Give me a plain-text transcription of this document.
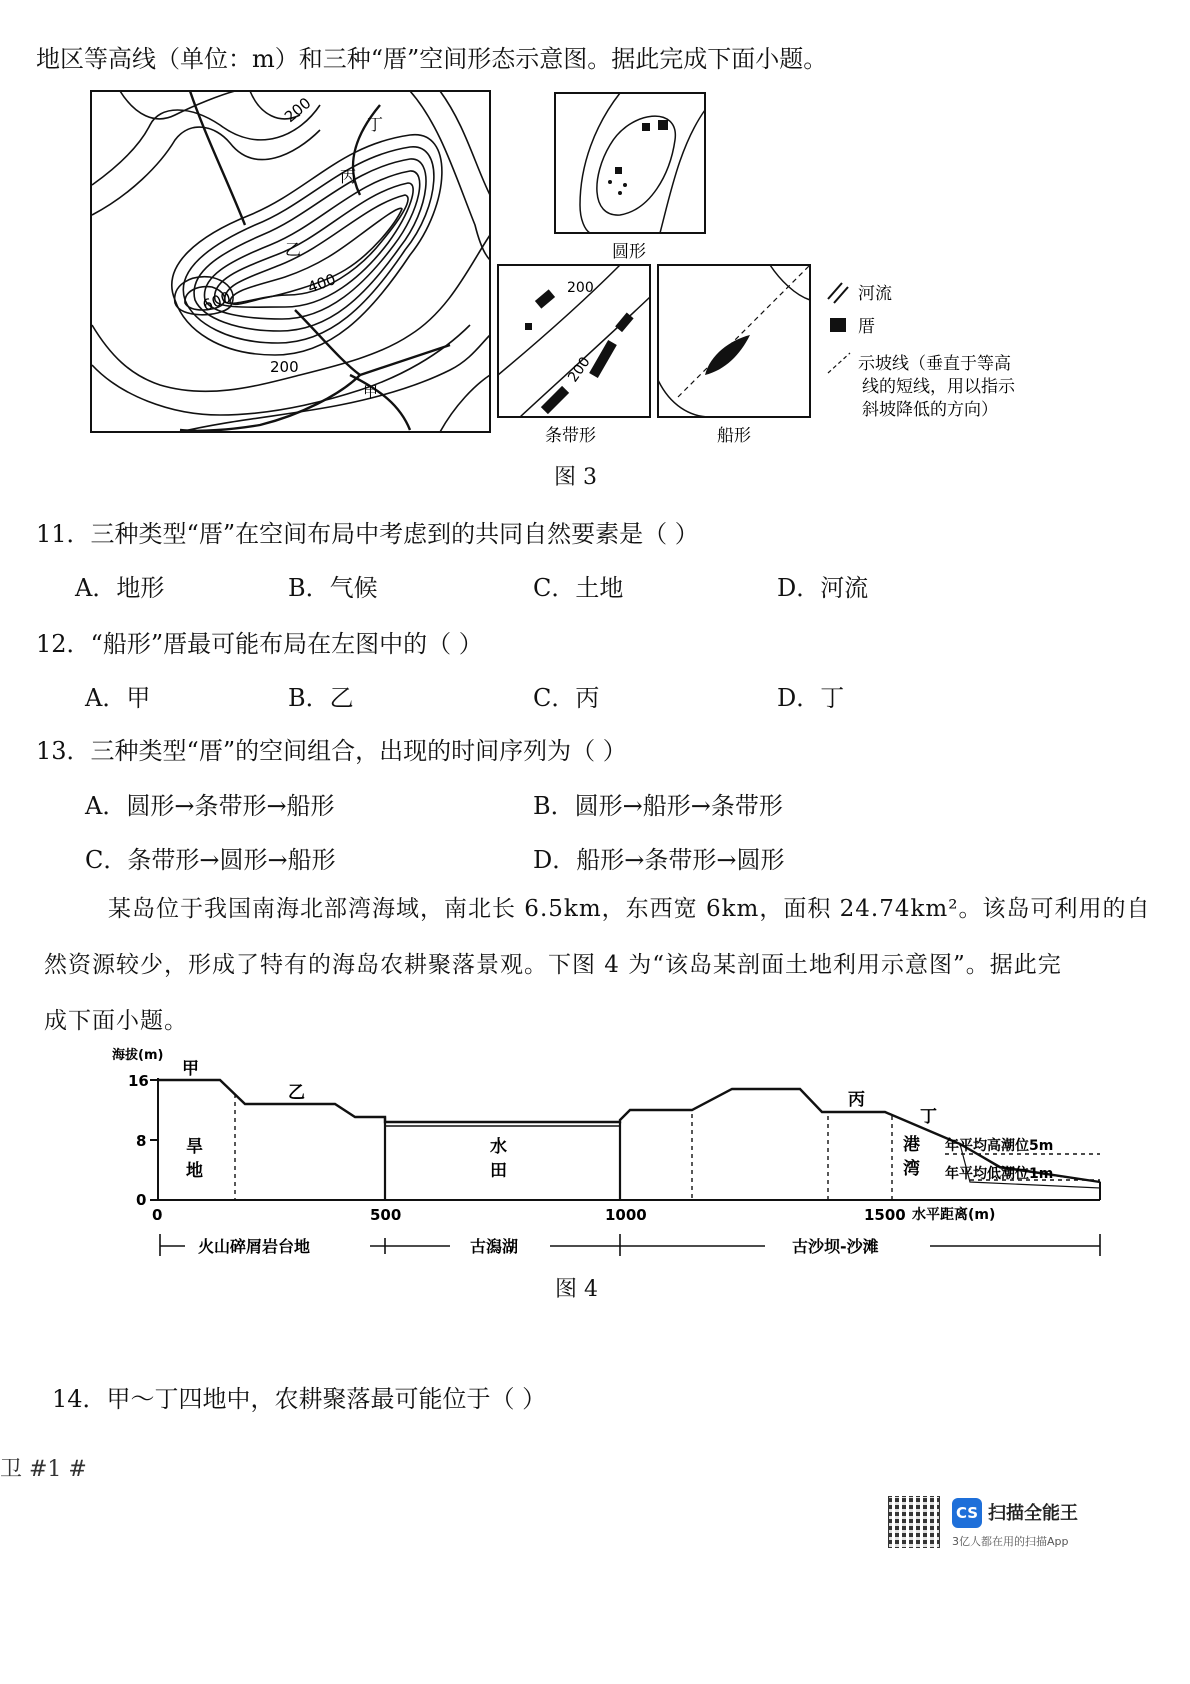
地区等高线（单位：m）和三种“厝”空间形态示意图。据此完成下面小题。
200
600
400
200
丁
丙
乙
甲
圆形
200
200
条带形	船形
河流
厝
示坡线（垂直于等高
线的短线，用以指示
斜坡降低的方向）
图 3
11．三种类型“厝”在空间布局中考虑到的共同自然要素是（ ）
A．地形	B．气候	C．土地	D．河流
12．“船形”厝最可能布局在左图中的（ ）
A．甲	B．乙	C．丙	D．丁
13．三种类型“厝”的空间组合，出现的时间序列为（ ）
A．圆形→条带形→船形	B．圆形→船形→条带形
C．条带形→圆形→船形	D．船形→条带形→圆形
某岛位于我国南海北部湾海域，南北长 6.5km，东西宽 6km，面积 24.74km²。该岛可利用的自
然资源较少，形成了特有的海岛农耕聚落景观。下图 4 为“该岛某剖面土地利用示意图”。据此完
成下面小题。
海拔(m)
16
8
0
0	500	1000	1500 水平距离(m)
甲
乙	丙
丁
旱
地
水
田
港
湾
年平均高潮位5m
年平均低潮位1m
火山碎屑岩台地	古潟湖	古沙坝-沙滩
图 4
14．甲～丁四地中，农耕聚落最可能位于（ ）
卫 #1 #
CS 扫描全能王
3亿人都在用的扫描App
